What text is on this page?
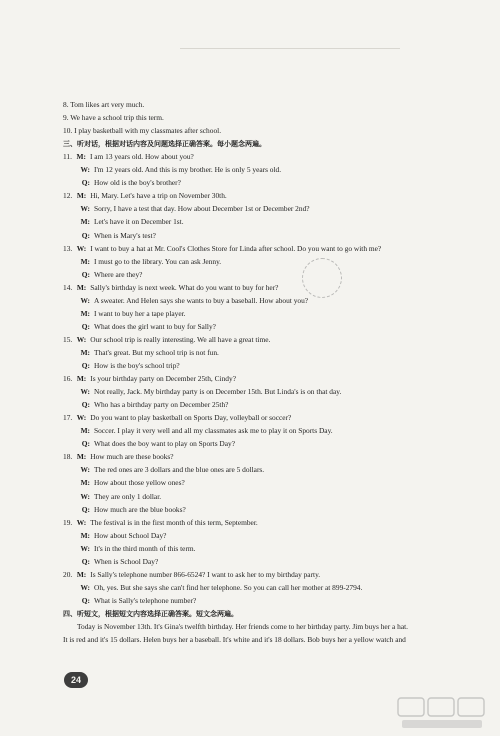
8. Tom likes art very much.
9. We have a school trip this term.
10. I play basketball with my classmates after school.
三、听对话，根据对话内容及问题选择正确答案。每小题念两遍。
11. M: I am 13 years old. How about you?
W: I'm 12 years old. And this is my brother. He is only 5 years old.
Q: How old is the boy's brother?
12. M: Hi, Mary. Let's have a trip on November 30th.
W: Sorry, I have a test that day. How about December 1st or December 2nd?
M: Let's have it on December 1st.
Q: When is Mary's test?
13. W: I want to buy a hat at Mr. Cool's Clothes Store for Linda after school. Do you want to go with me?
M: I must go to the library. You can ask Jenny.
Q: Where are they?
14. M: Sally's birthday is next week. What do you want to buy for her?
W: A sweater. And Helen says she wants to buy a baseball. How about you?
M: I want to buy her a tape player.
Q: What does the girl want to buy for Sally?
15. W: Our school trip is really interesting. We all have a great time.
M: That's great. But my school trip is not fun.
Q: How is the boy's school trip?
16. M: Is your birthday party on December 25th, Cindy?
W: Not really, Jack. My birthday party is on December 15th. But Linda's is on that day.
Q: Who has a birthday party on December 25th?
17. W: Do you want to play basketball on Sports Day, volleyball or soccer?
M: Soccer. I play it very well and all my classmates ask me to play it on Sports Day.
Q: What does the boy want to play on Sports Day?
18. M: How much are these books?
W: The red ones are 3 dollars and the blue ones are 5 dollars.
M: How about those yellow ones?
W: They are only 1 dollar.
Q: How much are the blue books?
19. W: The festival is in the first month of this term, September.
M: How about School Day?
W: It's in the third month of this term.
Q: When is School Day?
20. M: Is Sally's telephone number 866-6524? I want to ask her to my birthday party.
W: Oh, yes. But she says she can't find her telephone. So you can call her mother at 899-2794.
Q: What is Sally's telephone number?
四、听短文，根据短文内容选择正确答案。短文念两遍。
Today is November 13th. It's Gina's twelfth birthday. Her friends come to her birthday party. Jim buys her a hat.
It is red and it's 15 dollars. Helen buys her a baseball. It's white and it's 18 dollars. Bob buys her a yellow watch and
24
